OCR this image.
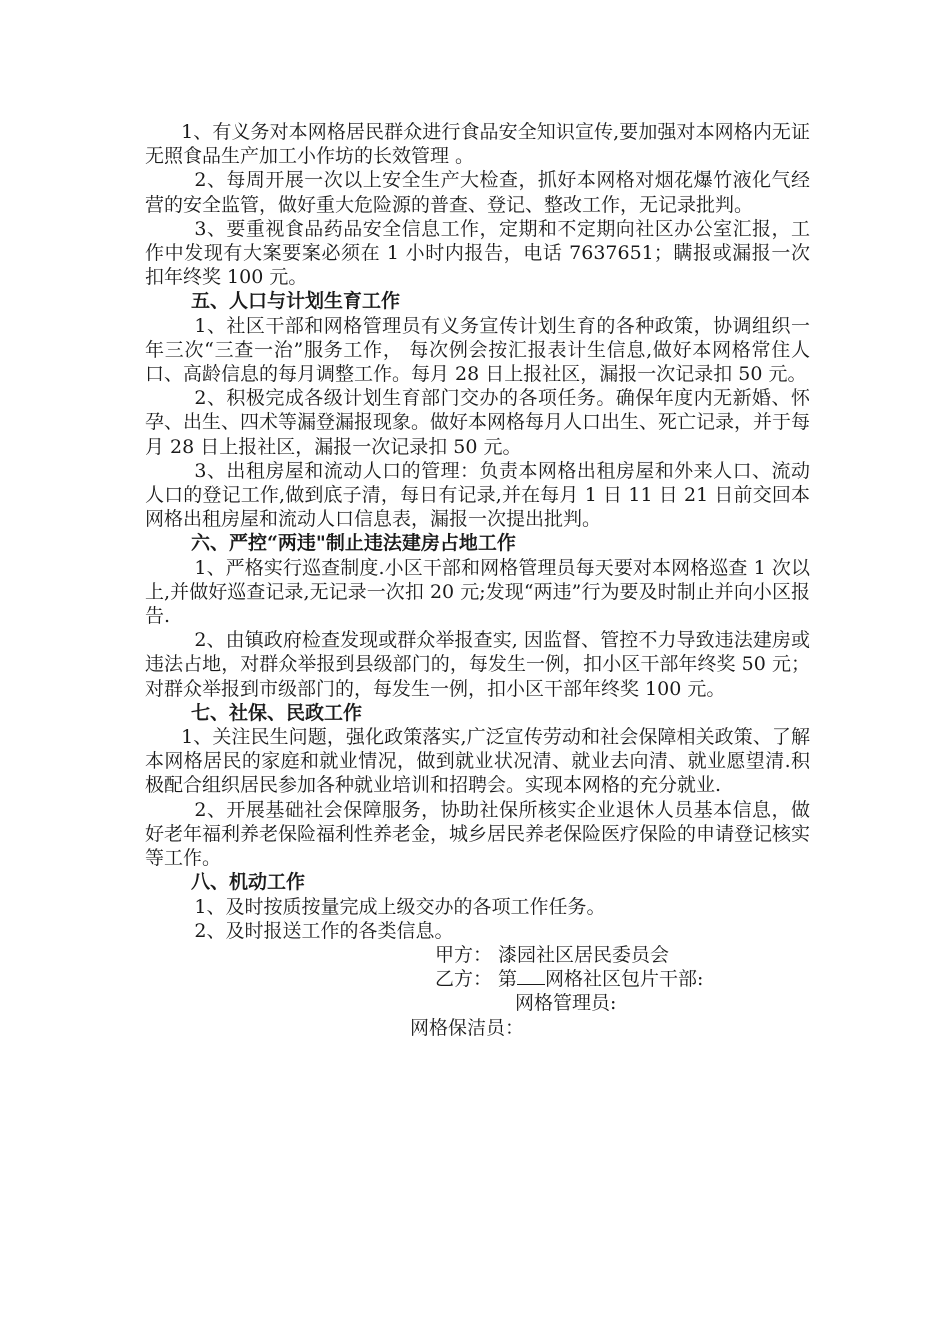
1、有义务对本网格居民群众进行食品安全知识宣传,要加强对本网格内无证无照食品生产加工小作坊的长效管理 。

2、每周开展一次以上安全生产大检查，抓好本网格对烟花爆竹液化气经营的安全监管，做好重大危险源的普查、登记、整改工作，无记录批判。

3、要重视食品药品安全信息工作，定期和不定期向社区办公室汇报，工作中发现有大案要案必须在 1 小时内报告，电话 7637651；瞒报或漏报一次扣年终奖 100 元。

五、人口与计划生育工作

1、社区干部和网格管理员有义务宣传计划生育的各种政策，协调组织一年三次“三查一治”服务工作， 每次例会按汇报表计生信息,做好本网格常住人口、高龄信息的每月调整工作。每月 28 日上报社区，漏报一次记录扣 50 元。

2、积极完成各级计划生育部门交办的各项任务。确保年度内无新婚、怀孕、出生、四术等漏登漏报现象。做好本网格每月人口出生、死亡记录，并于每月 28 日上报社区，漏报一次记录扣 50 元。

3、出租房屋和流动人口的管理：负责本网格出租房屋和外来人口、流动人口的登记工作,做到底子清，每日有记录,并在每月 1 日 11 日 21 日前交回本网格出租房屋和流动人口信息表，漏报一次提出批判。

六、严控“两违"制止违法建房占地工作

1、严格实行巡查制度.小区干部和网格管理员每天要对本网格巡查 1 次以上,并做好巡查记录,无记录一次扣 20 元;发现“两违”行为要及时制止并向小区报告.

2、由镇政府检查发现或群众举报查实, 因监督、管控不力导致违法建房或违法占地，对群众举报到县级部门的，每发生一例，扣小区干部年终奖 50 元；对群众举报到市级部门的，每发生一例，扣小区干部年终奖 100 元。

七、社保、民政工作

1、关注民生问题，强化政策落实,广泛宣传劳动和社会保障相关政策、了解本网格居民的家庭和就业情况，做到就业状况清、就业去向清、就业愿望清.积极配合组织居民参加各种就业培训和招聘会。实现本网格的充分就业.

2、开展基础社会保障服务，协助社保所核实企业退休人员基本信息，做好老年福利养老保险福利性养老金，城乡居民养老保险医疗保险的申请登记核实等工作。

八、机动工作

1、及时按质按量完成上级交办的各项工作任务。

2、及时报送工作的各类信息。

甲方： 漆园社区居民委员会

乙方： 第 网格社区包片干部:

网格管理员:

网格保洁员：
